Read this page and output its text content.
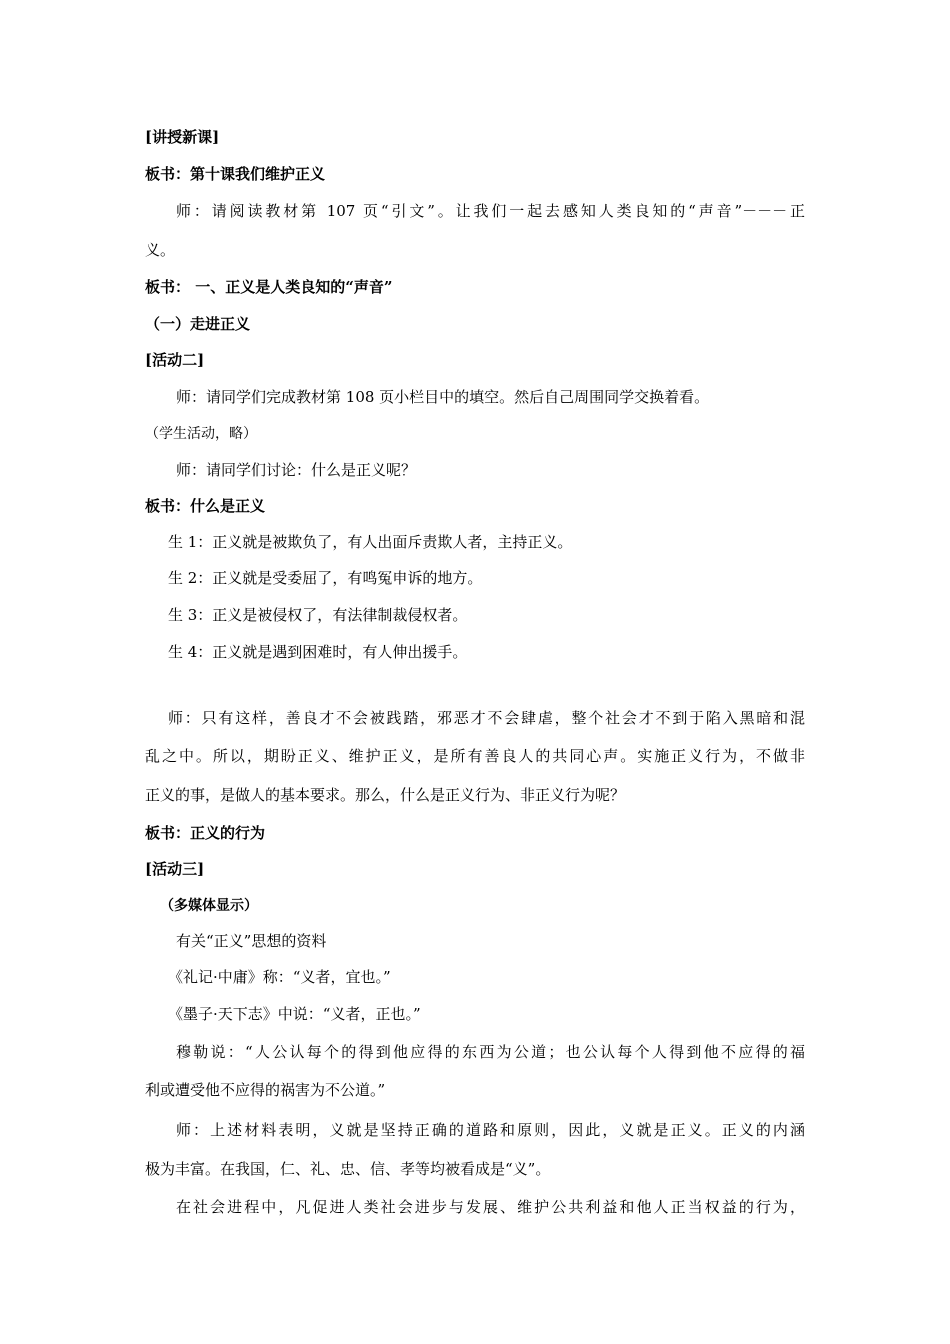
[讲授新课]
板书：第十课我们维护正义
师：请阅读教材第 107 页“引文”。让我们一起去感知人类良知的“声音”－－－正
义。
板书： 一、正义是人类良知的“声音”
（一）走进正义
[活动二]
师：请同学们完成教材第 108 页小栏目中的填空。然后自己周围同学交换着看。
（学生活动，略）
师：请同学们讨论：什么是正义呢？
板书：什么是正义
生 1：正义就是被欺负了，有人出面斥责欺人者，主持正义。
生 2：正义就是受委屈了，有鸣冤申诉的地方。
生 3：正义是被侵权了，有法律制裁侵权者。
生 4：正义就是遇到困难时，有人伸出援手。
师：只有这样，善良才不会被践踏，邪恶才不会肆虐，整个社会才不到于陷入黑暗和混
乱之中。所以，期盼正义、维护正义，是所有善良人的共同心声。实施正义行为，不做非
正义的事，是做人的基本要求。那么，什么是正义行为、非正义行为呢？
板书：正义的行为
[活动三]
（多媒体显示）
有关“正义”思想的资料
《礼记·中庸》称：“义者，宜也。”
《墨子·天下志》中说：“义者，正也。”
穆勒说：“人公认每个的得到他应得的东西为公道；也公认每个人得到他不应得的福
利或遭受他不应得的祸害为不公道。”
师：上述材料表明，义就是坚持正确的道路和原则，因此，义就是正义。正义的内涵
极为丰富。在我国，仁、礼、忠、信、孝等均被看成是“义”。
在社会进程中，凡促进人类社会进步与发展、维护公共利益和他人正当权益的行为，
